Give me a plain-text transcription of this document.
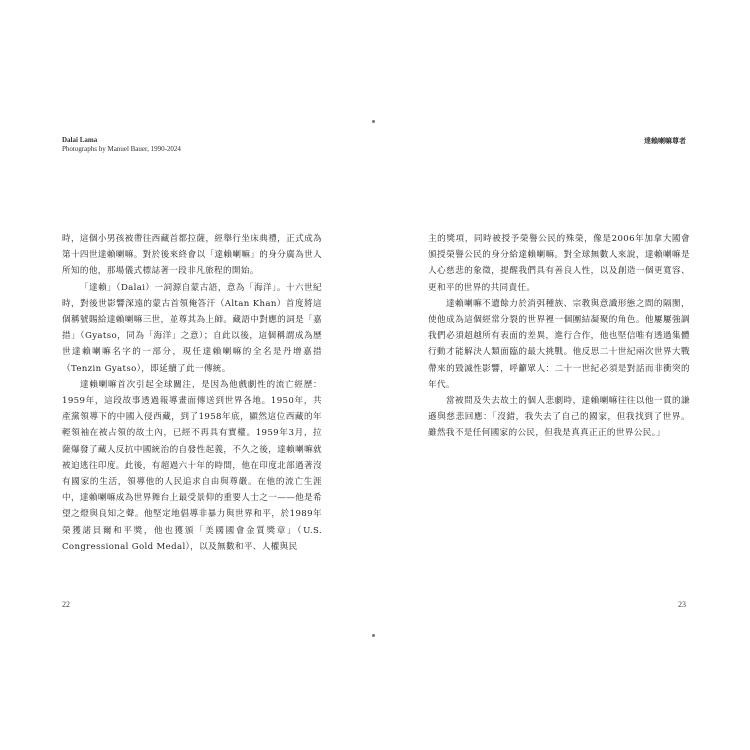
Dalai Lama
Photographs by Manuel Bauer, 1990-2024
達賴喇嘛尊者

時，這個小男孩被帶往西藏首都拉薩，經舉行坐床典禮，正式成為第十四世達賴喇嘛。對於後來終會以「達賴喇嘛」的身分廣為世人所知的他，那場儀式標誌著一段非凡旅程的開始。

「達賴」（Dalai）一詞源自蒙古語，意為「海洋」。十六世紀時，對後世影響深遠的蒙古首領俺答汗（Altan Khan）首度將這個稱號賜給達賴喇嘛三世，並尊其為上師。藏語中對應的詞是「嘉措」（Gyatso，同為「海洋」之意）；自此以後，這個稱謂成為歷世達賴喇嘛名字的一部分，現任達賴喇嘛的全名是丹增嘉措（Tenzin Gyatso），即延續了此一傳統。

達賴喇嘛首次引起全球關注，是因為他戲劇性的流亡經歷：1959年，這段故事透過報導畫面傳送到世界各地。1950年，共產黨領導下的中國入侵西藏，到了1958年底，顯然這位西藏的年輕領袖在被占領的故土內，已經不再具有實權。1959年3月，拉薩爆發了藏人反抗中國統治的自發性起義，不久之後，達賴喇嘛就被迫逃往印度。此後，有超過六十年的時間，他在印度北部過著沒有國家的生活，領導他的人民追求自由與尊嚴。在他的流亡生涯中，達賴喇嘛成為世界舞台上最受景仰的重要人士之一——他是希望之燈與良知之聲。他堅定地倡導非暴力與世界和平，於1989年榮獲諾貝爾和平獎，他也獲頒「美國國會金質獎章」（U.S. Congressional Gold Medal），以及無數和平、人權與民

主的獎項，同時被授予榮譽公民的殊榮，像是2006年加拿大國會頒授榮譽公民的身分給達賴喇嘛。對全球無數人來說，達賴喇嘛是人心慈悲的象徵，提醒我們具有善良人性，以及創造一個更寬容、更和平的世界的共同責任。

達賴喇嘛不遺餘力於消弭種族、宗教與意識形態之間的隔閡，使他成為這個經常分裂的世界裡一個團結凝聚的角色。他屢屢強調我們必須超越所有表面的差異，進行合作，他也堅信唯有透過集體行動才能解決人類面臨的最大挑戰。他反思二十世紀兩次世界大戰帶來的毀滅性影響，呼籲眾人：二十一世紀必須是對話而非衝突的年代。

當被問及失去故土的個人悲劇時，達賴喇嘛往往以他一貫的謙遜與慈悲回應：「沒錯，我失去了自己的國家，但我找到了世界。雖然我不是任何國家的公民，但我是真真正正的世界公民。」

22	23
